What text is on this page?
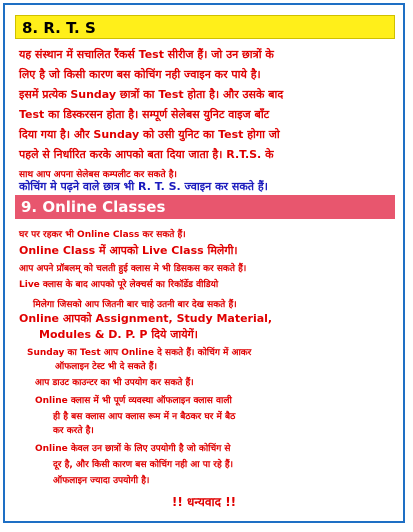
8. R. T. S
यह संस्थान में सचालित रैंकर्स Test सीरीज हैं। जो उन छात्रों के
लिए है जो किसी कारण बस कोचिंग नही ज्वाइन कर पाये है।
इसमें प्रत्येक Sunday छात्रों का Test होता है। और उसके बाद
Test का डिस्करसन होता है। सम्पूर्ण सेलेबस युनिट वाइज बाँट
दिया गया है। और Sunday को उसी युनिट का Test होगा जो
पहले से निर्धारित करके आपको बता दिया जाता है। R.T.S. के
साथ आप अपना सेलेबस कम्पलीट कर सकते है।
कोचिंग मे पढ़ने वाले छात्र भी R. T. S. ज्वाइन कर सकते हैं।
9. Online Classes
घर पर रहकर भी Online Class कर सकते हैं।
Online Class में आपको Live Class मिलेगी।
आप अपने प्रॉबलम् को चलती हुई क्लास मे भी डिसकस कर सकते हैं।
Live क्लास के बाद आपको पूरे लेक्चर्स का रिकॉर्डेड वीडियो
मिलेगा जिसको आप जितनी बार चाहे उतनी बार देख सकते हैं।
Online आपको Assignment, Study Material,
Modules & D. P. P दिये जायेगें।
Sunday का Test आप Online दे सकते हैं। कोचिंग में आकर
ऑफलाइन टेस्ट भी दे सकते हैं।
आप डाउट काउन्टर का भी उपयोग कर सकते हैं।
Online क्लास में भी पूर्ण व्यवस्था ऑफलाइन क्लास वाली
ही है बस क्लास आप क्लास रूम में न बैठकर घर में बैठ
कर करते है।
Online केवल उन छात्रों के लिए उपयोगी है जो कोचिंग से
दूर है, और किसी कारण बस कोचिंग नही आ पा रहे हैं।
ऑफलाइन ज्यादा उपयोगी है।
!! धन्यवाद !!
